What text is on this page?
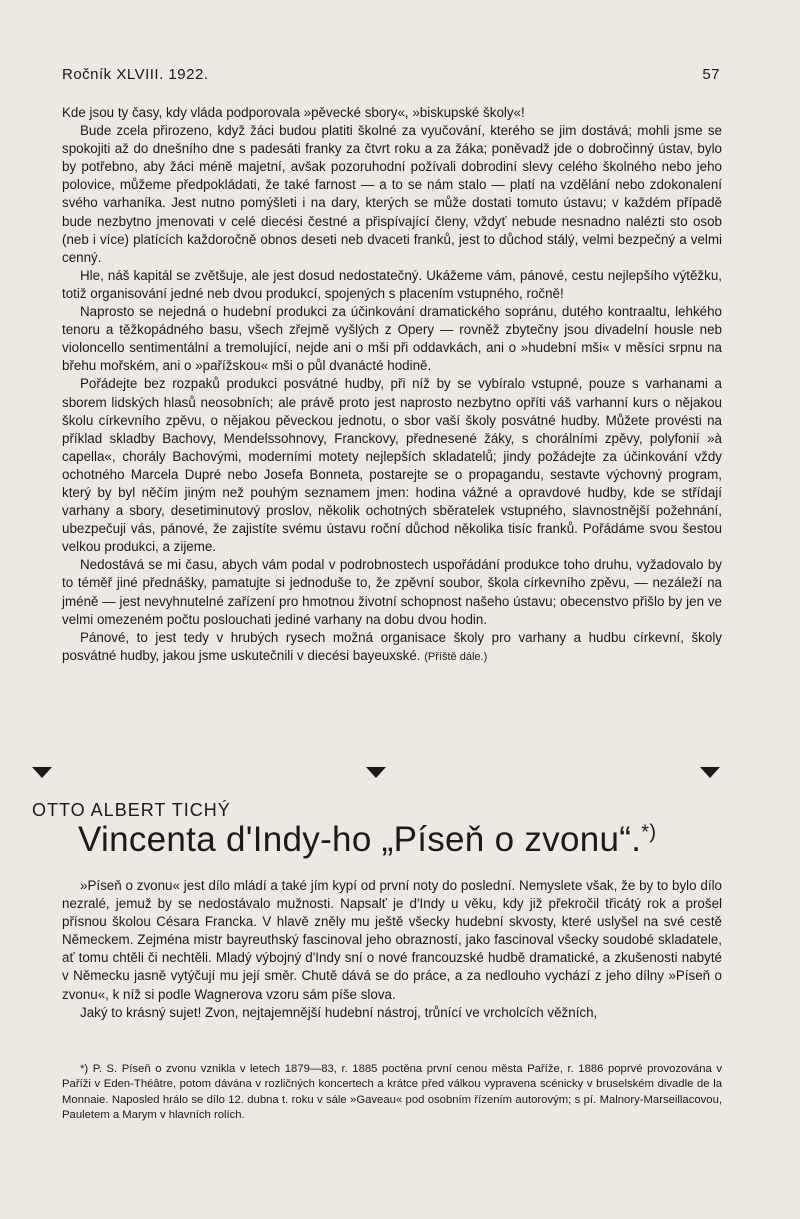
Ročník XLVIII. 1922.	57

Kde jsou ty časy, kdy vláda podporovala »pěvecké sbory«, »biskupské školy«!

Bude zcela přirozeno, když žáci budou platiti školné za vyučování, kterého se jim dostává; mohli jsme se spokojiti až do dnešního dne s padesáti franky za čtvrt roku a za žáka; poněvadž jde o dobročinný ústav, bylo by potřebno, aby žáci méně majetní, avšak pozoruhodní požívali dobrodiní slevy celého školného nebo jeho polovice, můžeme předpokládati, že také farnost — a to se nám stalo — platí na vzdělání nebo zdokonalení svého varhaníka. Jest nutno pomýšleti i na dary, kterých se může dostati tomuto ústavu; v každém případě bude nezbytno jmenovati v celé diecési čestné a přispívající členy, vždyť nebude nesnadno nalézti sto osob (neb i více) platících každoročně obnos deseti neb dvaceti franků, jest to důchod stálý, velmi bezpečný a velmi cenný.

Hle, náš kapitál se zvětšuje, ale jest dosud nedostatečný. Ukážeme vám, pánové, cestu nejlepšího výtěžku, totiž organisování jedné neb dvou produkcí, spojených s placením vstupného, ročně!

Naprosto se nejedná o hudební produkci za účinkování dramatického sopránu, dutého kontraaltu, lehkého tenoru a těžkopádného basu, všech zřejmě vyšlých z Opery — rovněž zbytečny jsou divadelní housle neb violoncello sentimentální a tremolující, nejde ani o mši při oddavkách, ani o »hudební mši« v měsíci srpnu na břehu mořském, ani o »pařížskou« mši o půl dvanácté hodině.

Pořádejte bez rozpaků produkci posvátné hudby, při níž by se vybíralo vstupné, pouze s varhanami a sborem lidských hlasů neosobních; ale právě proto jest naprosto nezbytno opříti váš varhanní kurs o nějakou školu církevního zpěvu, o nějakou pěveckou jednotu, o sbor vaší školy posvátné hudby. Můžete provésti na příklad skladby Bachovy, Mendelssohnovy, Franckovy, přednesené žáky, s chorálními zpěvy, polyfonií »à capella«, chorály Bachovými, moderními motety nejlepších skladatelů; jindy požádejte za účinkování vždy ochotného Marcela Dupré nebo Josefa Bonneta, postarejte se o propagandu, sestavte výchovný program, který by byl něčím jiným než pouhým seznamem jmen: hodina vážné a opravdové hudby, kde se střídají varhany a sbory, desetiminutový proslov, několik ochotných sběratelek vstupného, slavnostnější požehnání, ubezpečuji vás, pánové, že zajistíte svému ústavu roční důchod několika tisíc franků. Pořádáme svou šestou velkou produkci, a zijeme.

Nedostává se mi času, abych vám podal v podrobnostech uspořádání produkce toho druhu, vyžadovalo by to téměř jiné přednášky, pamatujte si jednoduše to, že zpěvní soubor, škola církevního zpěvu, — nezáleží na jméně — jest nevyhnutelné zařízení pro hmotnou životní schopnost našeho ústavu; obecenstvo přišlo by jen ve velmi omezeném počtu poslouchati jediné varhany na dobu dvou hodin.

Pánové, to jest tedy v hrubých rysech možná organisace školy pro varhany a hudbu církevní, školy posvátné hudby, jakou jsme uskutečnili v diecési bayeuxské. (Příště dále.)

OTTO ALBERT TICHÝ
Vincenta d'Indy-ho „Píseň o zvonu“.*)

»Píseň o zvonu« jest dílo mládí a také jím kypí od první noty do poslední. Nemyslete však, že by to bylo dílo nezralé, jemuž by se nedostávalo mužnosti. Napsalť je d'Indy u věku, kdy již překročil třicátý rok a prošel přísnou školou Césara Francka. V hlavě zněly mu ještě všecky hudební skvosty, které uslyšel na své cestě Německem. Zejména mistr bayreuthský fascinoval jeho obrazností, jako fascinoval všecky soudobé skladatele, ať tomu chtěli či nechtěli. Mladý výbojný d'Indy sní o nové francouzské hudbě dramatické, a zkušenosti nabyté v Německu jasně vytýčují mu její směr. Chutě dává se do práce, a za nedlouho vychází z jeho dílny »Píseň o zvonu«, k níž si podle Wagnerova vzoru sám píše slova.

Jaký to krásný sujet! Zvon, nejtajemnější hudební nástroj, trůnící ve vrcholcích věžních,

*) P. S. Píseň o zvonu vznikla v letech 1879—83, r. 1885 poctěna první cenou města Paříže, r. 1886 poprvé provozována v Paříži v Eden-Théâtre, potom dávána v rozličných koncertech a krátce před válkou vypravena scénicky v bruselském divadle de la Monnaie. Naposled hrálo se dílo 12. dubna t. roku v sále »Gaveau« pod osobním řízením autorovým; s pí. Malnory-Marseillacovou, Pauletem a Marym v hlavních rolích.
